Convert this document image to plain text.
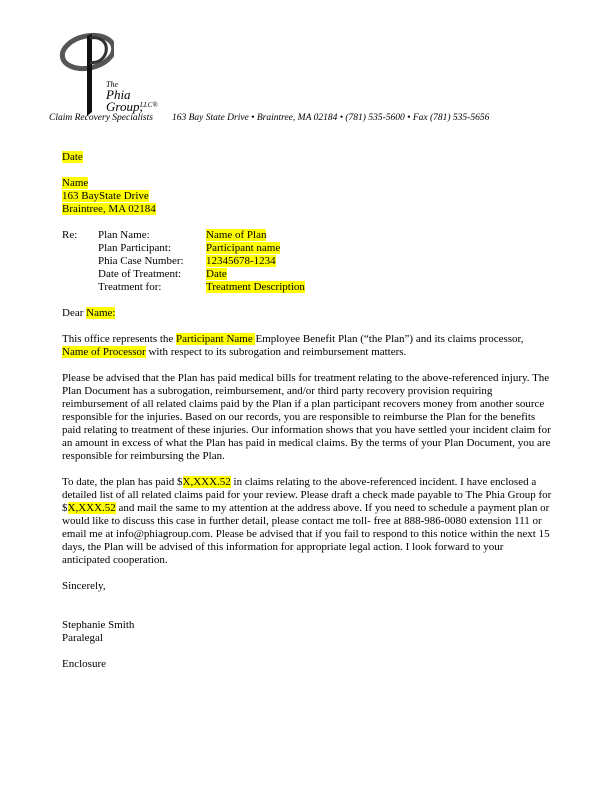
The
Phia
Group,
LLC®
Claim Recovery Specialists 163 Bay State Drive • Braintree, MA 02184 • (781) 535-5600 • Fax (781) 535-5656

Date

Name

163 BayState Drive

Braintree, MA 02184

Re:	Plan Name:	Name of Plan
Plan Participant:	Participant name
Phia Case Number:	12345678-1234
Date of Treatment:	Date
Treatment for:	Treatment Description

Dear Name:

This office represents the Participant Name Employee Benefit Plan (“the Plan”) and its claims processor, Name of Processor with respect to its subrogation and reimbursement matters.

Please be advised that the Plan has paid medical bills for treatment relating to the above-referenced injury. The Plan Document has a subrogation, reimbursement, and/or third party recovery provision requiring reimbursement of all related claims paid by the Plan if a plan participant recovers money from another source responsible for the injuries. Based on our records, you are responsible to reimburse the Plan for the benefits paid relating to treatment of these injuries. Our information shows that you have settled your incident claim for an amount in excess of what the Plan has paid in medical claims. By the terms of your Plan Document, you are responsible for reimbursing the Plan.

To date, the plan has paid $X,XXX.52 in claims relating to the above-referenced incident. I have enclosed a detailed list of all related claims paid for your review. Please draft a check made payable to The Phia Group for $X,XXX.52 and mail the same to my attention at the address above. If you need to schedule a payment plan or would like to discuss this case in further detail, please contact me toll- free at 888-986-0080 extension 111 or email me at info@phiagroup.com. Please be advised that if you fail to respond to this notice within the next 15 days, the Plan will be advised of this information for appropriate legal action. I look forward to your anticipated cooperation.

Sincerely,

Stephanie Smith

Paralegal

Enclosure
